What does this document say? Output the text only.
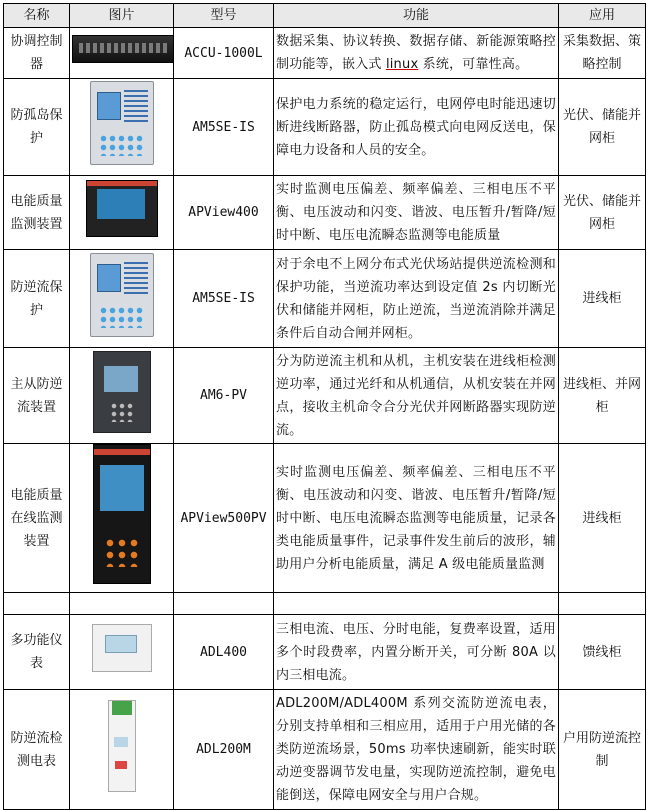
名称	图片	型号	功能	应用
协调控制器		ACCU-1000L	数据采集、协议转换、数据存储、新能源策略控制功能等，嵌入式 linux 系统，可靠性高。	采集数据、策略控制
防孤岛保护		AM5SE-IS	保护电力系统的稳定运行，电网停电时能迅速切断进线断路器，防止孤岛模式向电网反送电，保障电力设备和人员的安全。	光伏、储能并网柜
电能质量监测装置		APView400	实时监测电压偏差、频率偏差、三相电压不平衡、电压波动和闪变、谐波、电压暂升/暂降/短时中断、电压电流瞬态监测等电能质量	光伏、储能并网柜
防逆流保护		AM5SE-IS	对于余电不上网分布式光伏场站提供逆流检测和保护功能，当逆流功率达到设定值 2s 内切断光伏和储能并网柜，防止逆流，当逆流消除并满足条件后自动合闸并网柜。	进线柜
主从防逆流装置		AM6-PV	分为防逆流主机和从机，主机安装在进线柜检测逆功率，通过光纤和从机通信，从机安装在并网点，接收主机命令合分光伏并网断路器实现防逆流。	进线柜、并网柜
电能质量在线监测装置		APView500PV	实时监测电压偏差、频率偏差、三相电压不平衡、电压波动和闪变、谐波、电压暂升/暂降/短时中断、电压电流瞬态监测等电能质量，记录各类电能质量事件，记录事件发生前后的波形，辅助用户分析电能质量，满足 A 级电能质量监测	进线柜

多功能仪表		ADL400	三相电流、电压、分时电能，复费率设置，适用多个时段费率，内置分断开关，可分断 80A 以内三相电流。	馈线柜
防逆流检测电表		ADL200M	ADL200M/ADL400M 系列交流防逆流电表，分别支持单相和三相应用，适用于户用光储的各类防逆流场景，50ms 功率快速刷新，能实时联动逆变器调节发电量，实现防逆流控制，避免电能倒送，保障电网安全与用户合规。	户用防逆流控制
